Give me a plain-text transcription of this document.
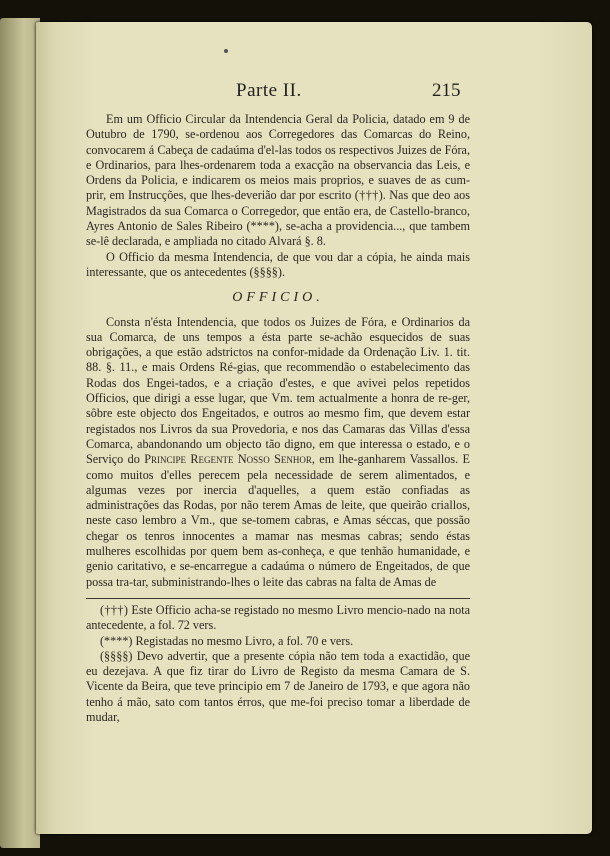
Parte II.	215

Em um Officio Circular da Intendencia Geral da Policia, datado em 9 de Outubro de 1790, se-ordenou aos Corregedores das Comarcas do Reino, convocarem á Cabeça de cadaúma d'el-las todos os respectivos Juizes de Fóra, e Ordinarios, para lhes-ordenarem toda a exacção na observancia das Leis, e Ordens da Policia, e indicarem os meios mais proprios, e suaves de as cum-prir, em Instrucções, que lhes-deverião dar por escrito (†††). Nas que deo aos Magistrados da sua Comarca o Corregedor, que então era, de Castello-branco, Ayres Antonio de Sales Ribeiro (****), se-acha a providencia..., que tambem se-lê declarada, e ampliada no citado Alvará §. 8.

O Officio da mesma Intendencia, de que vou dar a cópia, he ainda mais interessante, que os antecedentes (§§§§).

OFFICIO.

Consta n'ésta Intendencia, que todos os Juizes de Fóra, e Ordinarios da sua Comarca, de uns tempos a ésta parte se-achão esquecidos de suas obrigações, a que estão adstrictos na confor-midade da Ordenação Liv. 1. tit. 88. §. 11., e mais Ordens Ré-gias, que recommendão o estabelecimento das Rodas dos Engei-tados, e a criação d'estes, e que avivei pelos repetidos Officios, que dirigi a esse lugar, que Vm. tem actualmente a honra de re-ger, sôbre este objecto dos Engeitados, e outros ao mesmo fim, que devem estar registados nos Livros da sua Provedoria, e nos das Camaras das Villas d'essa Comarca, abandonando um objecto tão digno, em que interessa o estado, e o Serviço do Principe Regente Nosso Senhor, em lhe-ganharem Vassallos. E como muitos d'elles perecem pela necessidade de serem alimentados, e algumas vezes por inercia d'aquelles, a quem estão confiadas as administrações das Rodas, por não terem Amas de leite, que queirão criallos, neste caso lembro a Vm., que se-tomem cabras, e Amas séccas, que possão chegar os tenros innocentes a mamar nas mesmas cabras; sendo éstas mulheres escolhidas por quem bem as-conheça, e que tenhão humanidade, e genio caritativo, e se-encarregue a cadaúma o número de Engeitados, de que possa tra-tar, subministrando-lhes o leite das cabras na falta de Amas de

(†††) Este Officio acha-se registado no mesmo Livro menciо-nado na nota antecedente, a fol. 72 vers.

(****) Registadas no mesmo Livro, a fol. 70 e vers.

(§§§§) Devo advertir, que a presente cópia não tem toda a exactidão, que eu dezejava. A que fiz tirar do Livro de Registo da mesma Camara de S. Vicente da Beira, que teve principio em 7 de Janeiro de 1793, e que agora não tenho á mão, sato com tantos érros, que me-foi preciso tomar a liberdade de mudar,
